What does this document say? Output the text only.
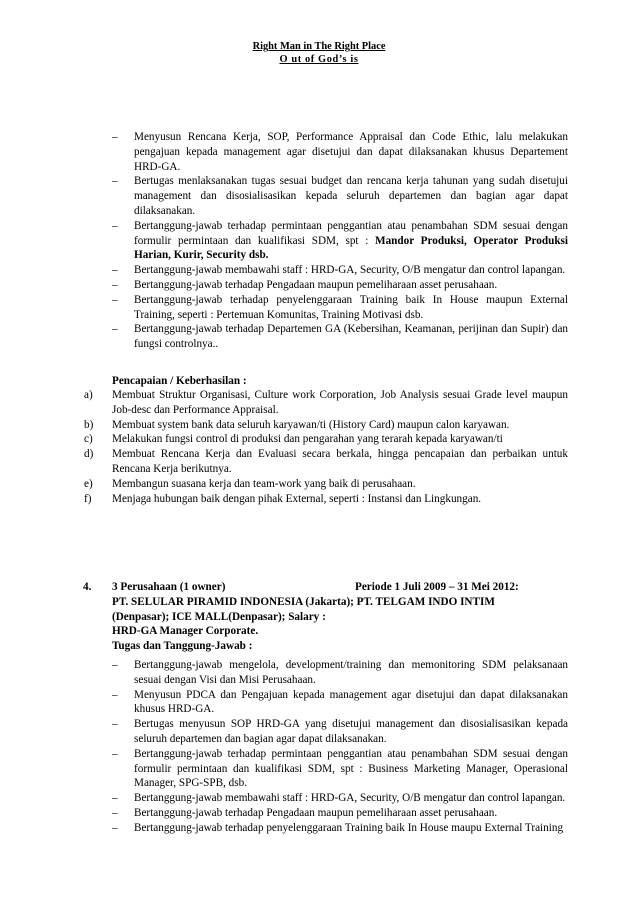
Right Man in The Right Place
O ut of God’s is
–	Menyusun Rencana Kerja, SOP, Performance Appraisal dan Code Ethic, lalu melakukan pengajuan kepada management agar disetujui dan dapat dilaksanakan khusus Departement HRD-GA.
–	Bertugas menlaksanakan tugas sesuai budget dan rencana kerja tahunan yang sudah disetujui management dan disosialisasikan kepada seluruh departemen dan bagian agar dapat dilaksanakan.
–	Bertanggung-jawab terhadap permintaan penggantian atau penambahan SDM sesuai dengan formulir permintaan dan kualifikasi SDM, spt : Mandor Produksi, Operator Produksi Harian, Kurir, Security dsb.
–	Bertanggung-jawab membawahi staff : HRD-GA, Security, O/B mengatur dan control lapangan.
–	Bertanggung-jawab terhadap Pengadaan maupun pemeliharaan asset perusahaan.
–	Bertanggung-jawab terhadap penyelenggaraan Training baik In House maupun External Training, seperti : Pertemuan Komunitas, Training Motivasi dsb.
–	Bertanggung-jawab terhadap Departemen GA (Kebersihan, Keamanan, perijinan dan Supir) dan fungsi controlnya..
Pencapaian / Keberhasilan :
a)	Membuat Struktur Organisasi, Culture work Corporation, Job Analysis sesuai Grade level maupun Job-desc dan Performance Appraisal.
b)	Membuat system bank data seluruh karyawan/ti (History Card) maupun calon karyawan.
c)	Melakukan fungsi control di produksi dan pengarahan yang terarah kepada karyawan/ti
d)	Membuat Rencana Kerja dan Evaluasi secara berkala, hingga pencapaian dan perbaikan untuk Rencana Kerja berikutnya.
e)	Membangun suasana kerja dan team-work yang baik di perusahaan.
f)	Menjaga hubungan baik dengan pihak External, seperti : Instansi dan Lingkungan.
4. 3 Perusahaan (1 owner)	Periode 1 Juli 2009 – 31 Mei 2012:
PT. SELULAR PIRAMID INDONESIA (Jakarta); PT. TELGAM INDO INTIM
(Denpasar); ICE MALL(Denpasar); Salary :
HRD-GA Manager Corporate.
Tugas dan Tanggung-Jawab :
–	Bertanggung-jawab mengelola, development/training dan memonitoring SDM pelaksanaan sesuai dengan Visi dan Misi Perusahaan.
–	Menyusun PDCA dan Pengajuan kepada management agar disetujui dan dapat dilaksanakan khusus HRD-GA.
–	Bertugas menyusun SOP HRD-GA yang disetujui management dan disosialisasikan kepada seluruh departemen dan bagian agar dapat dilaksanakan.
–	Bertanggung-jawab terhadap permintaan penggantian atau penambahan SDM sesuai dengan formulir permintaan dan kualifikasi SDM, spt : Business Marketing Manager, Operasional Manager, SPG-SPB, dsb.
–	Bertanggung-jawab membawahi staff : HRD-GA, Security, O/B mengatur dan control lapangan.
–	Bertanggung-jawab terhadap Pengadaan maupun pemeliharaan asset perusahaan.
–	Bertanggung-jawab terhadap penyelenggaraan Training baik In House maupu External Training
